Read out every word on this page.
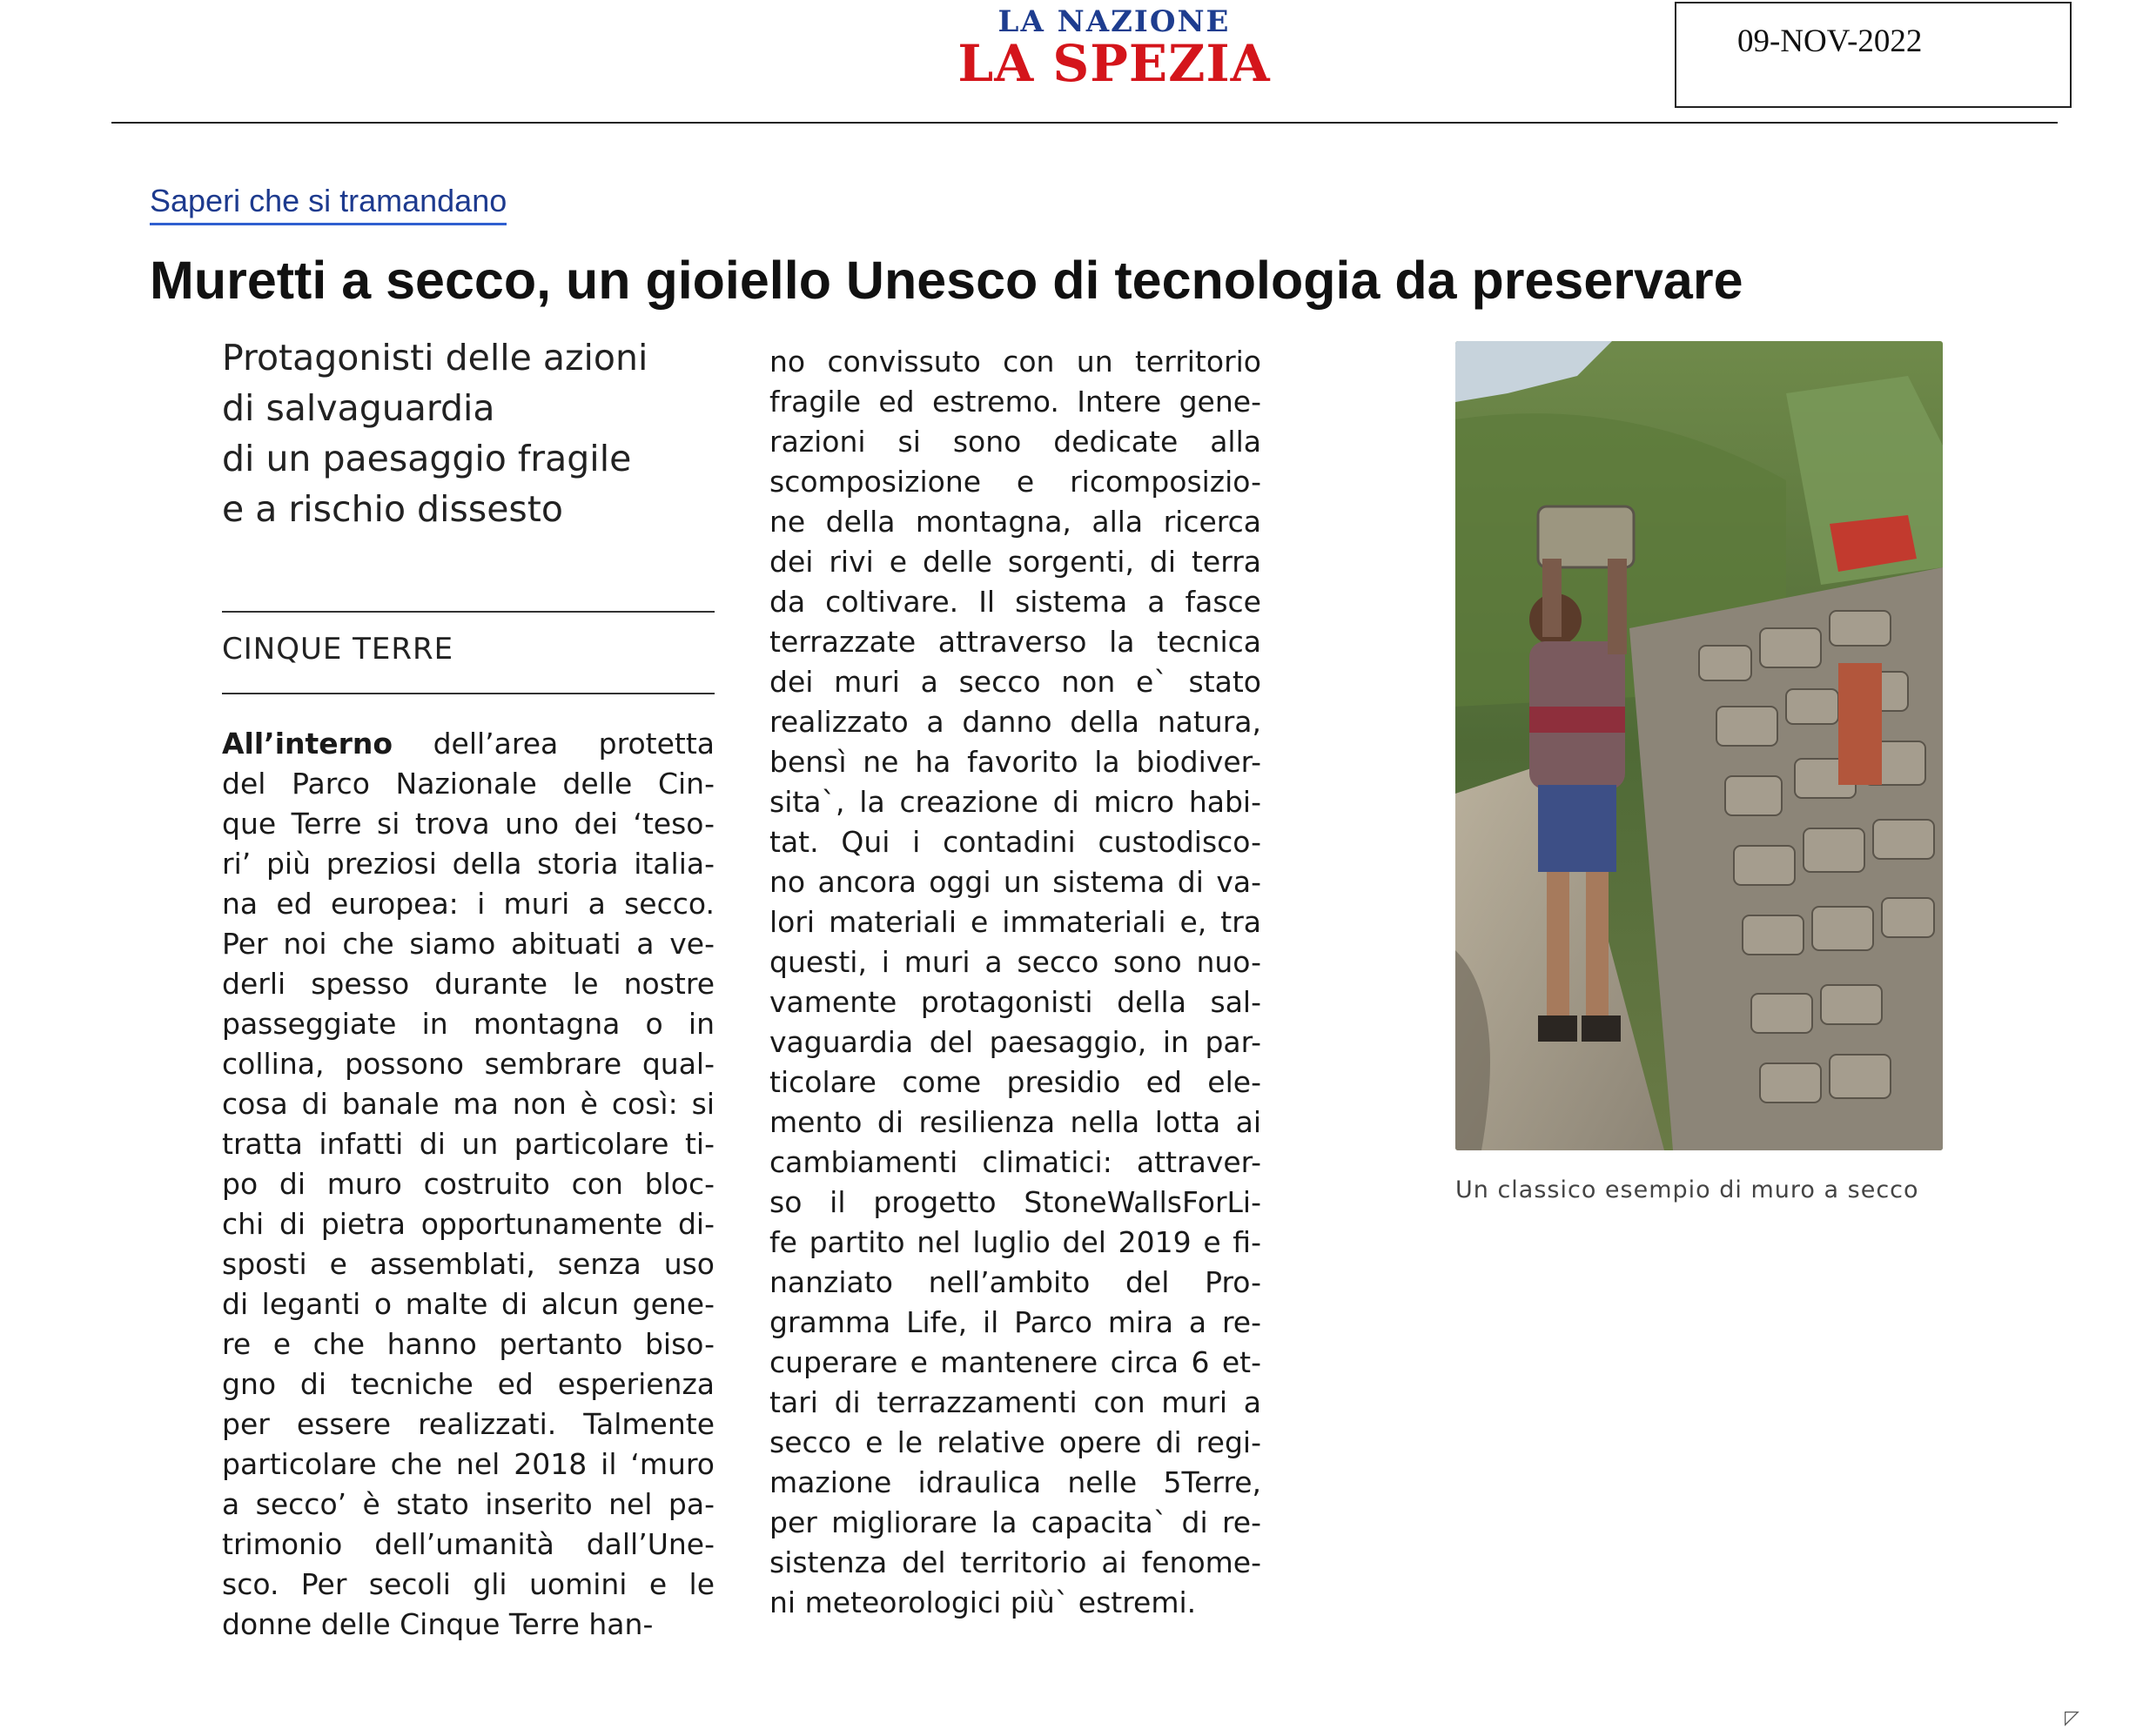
LA NAZIONE
LA SPEZIA	09-NOV-2022
Saperi che si tramandano
Muretti a secco, un gioiello Unesco di tecnologia da preservare
Protagonisti delle azioni
di salvaguardia
di un paesaggio fragile
e a rischio dissesto
CINQUE TERRE
All’interno dell’area protetta
del Parco Nazionale delle Cin-
que Terre si trova uno dei ‘teso-
ri’ più preziosi della storia italia-
na ed europea: i muri a secco.
Per noi che siamo abituati a ve-
derli spesso durante le nostre
passeggiate in montagna o in
collina, possono sembrare qual-
cosa di banale ma non è così: si
tratta infatti di un particolare ti-
po di muro costruito con bloc-
chi di pietra opportunamente di-
sposti e assemblati, senza uso
di leganti o malte di alcun gene-
re e che hanno pertanto biso-
gno di tecniche ed esperienza
per essere realizzati. Talmente
particolare che nel 2018 il ‘muro
a secco’ è stato inserito nel pa-
trimonio dell’umanità dall’Une-
sco. Per secoli gli uomini e le
donne delle Cinque Terre han-
no convissuto con un territorio
fragile ed estremo. Intere gene-
razioni si sono dedicate alla
scomposizione e ricomposizio-
ne della montagna, alla ricerca
dei rivi e delle sorgenti, di terra
da coltivare. Il sistema a fasce
terrazzate attraverso la tecnica
dei muri a secco non e` stato
realizzato a danno della natura,
bensì ne ha favorito la biodiver-
sita`, la creazione di micro habi-
tat. Qui i contadini custodisco-
no ancora oggi un sistema di va-
lori materiali e immateriali e, tra
questi, i muri a secco sono nuo-
vamente protagonisti della sal-
vaguardia del paesaggio, in par-
ticolare come presidio ed ele-
mento di resilienza nella lotta ai
cambiamenti climatici: attraver-
so il progetto StoneWallsForLi-
fe partito nel luglio del 2019 e fi-
nanziato nell’ambito del Pro-
gramma Life, il Parco mira a re-
cuperare e mantenere circa 6 et-
tari di terrazzamenti con muri a
secco e le relative opere di regi-
mazione idraulica nelle 5Terre,
per migliorare la capacita` di re-
sistenza del territorio ai fenome-
ni meteorologici più` estremi.
Un classico esempio di muro a secco
◸
